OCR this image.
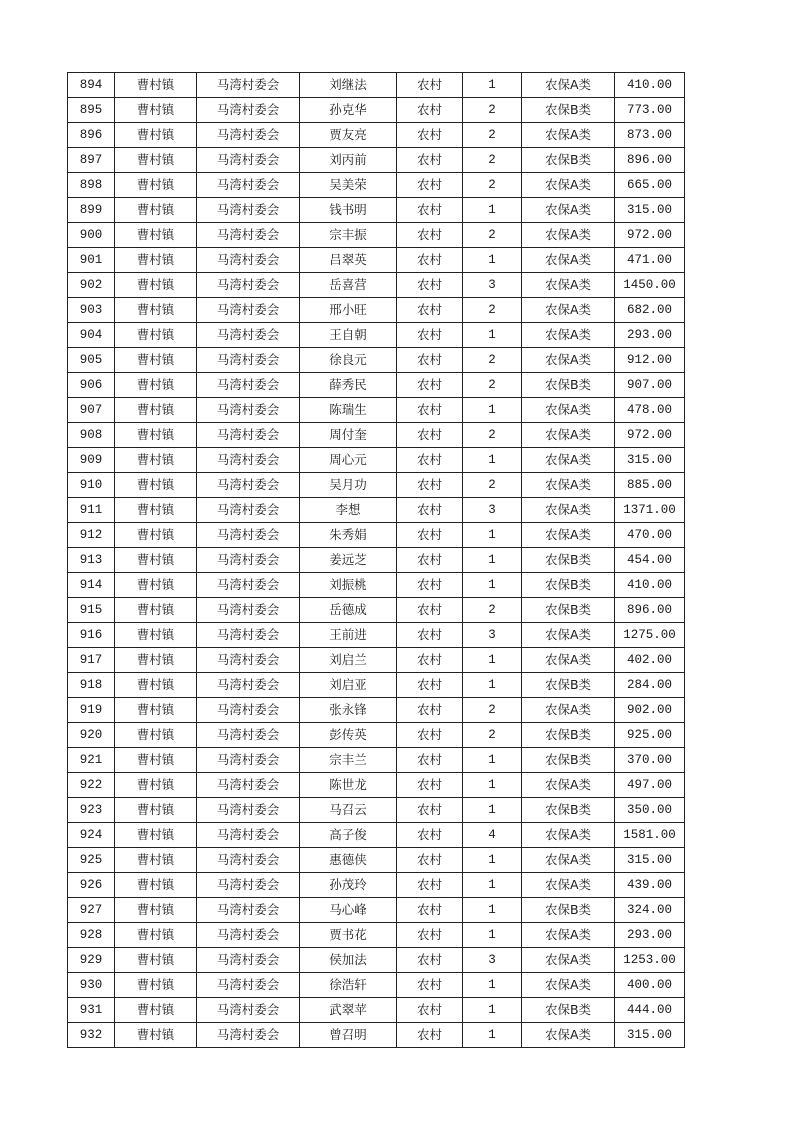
894	曹村镇	马湾村委会	刘继法	农村	1	农保A类	410.00
895	曹村镇	马湾村委会	孙克华	农村	2	农保B类	773.00
896	曹村镇	马湾村委会	贾友亮	农村	2	农保A类	873.00
897	曹村镇	马湾村委会	刘丙前	农村	2	农保B类	896.00
898	曹村镇	马湾村委会	吴美荣	农村	2	农保A类	665.00
899	曹村镇	马湾村委会	钱书明	农村	1	农保A类	315.00
900	曹村镇	马湾村委会	宗丰振	农村	2	农保A类	972.00
901	曹村镇	马湾村委会	吕翠英	农村	1	农保A类	471.00
902	曹村镇	马湾村委会	岳喜营	农村	3	农保A类	1450.00
903	曹村镇	马湾村委会	邢小旺	农村	2	农保A类	682.00
904	曹村镇	马湾村委会	王自朝	农村	1	农保A类	293.00
905	曹村镇	马湾村委会	徐良元	农村	2	农保A类	912.00
906	曹村镇	马湾村委会	薛秀民	农村	2	农保B类	907.00
907	曹村镇	马湾村委会	陈瑞生	农村	1	农保A类	478.00
908	曹村镇	马湾村委会	周付奎	农村	2	农保A类	972.00
909	曹村镇	马湾村委会	周心元	农村	1	农保A类	315.00
910	曹村镇	马湾村委会	吴月功	农村	2	农保A类	885.00
911	曹村镇	马湾村委会	李想	农村	3	农保A类	1371.00
912	曹村镇	马湾村委会	朱秀娟	农村	1	农保A类	470.00
913	曹村镇	马湾村委会	姜远芝	农村	1	农保B类	454.00
914	曹村镇	马湾村委会	刘振桃	农村	1	农保B类	410.00
915	曹村镇	马湾村委会	岳德成	农村	2	农保B类	896.00
916	曹村镇	马湾村委会	王前进	农村	3	农保A类	1275.00
917	曹村镇	马湾村委会	刘启兰	农村	1	农保A类	402.00
918	曹村镇	马湾村委会	刘启亚	农村	1	农保B类	284.00
919	曹村镇	马湾村委会	张永锋	农村	2	农保A类	902.00
920	曹村镇	马湾村委会	彭传英	农村	2	农保B类	925.00
921	曹村镇	马湾村委会	宗丰兰	农村	1	农保B类	370.00
922	曹村镇	马湾村委会	陈世龙	农村	1	农保A类	497.00
923	曹村镇	马湾村委会	马召云	农村	1	农保B类	350.00
924	曹村镇	马湾村委会	高子俊	农村	4	农保A类	1581.00
925	曹村镇	马湾村委会	惠德侠	农村	1	农保A类	315.00
926	曹村镇	马湾村委会	孙茂玲	农村	1	农保A类	439.00
927	曹村镇	马湾村委会	马心峰	农村	1	农保B类	324.00
928	曹村镇	马湾村委会	贾书花	农村	1	农保A类	293.00
929	曹村镇	马湾村委会	侯加法	农村	3	农保A类	1253.00
930	曹村镇	马湾村委会	徐浩轩	农村	1	农保A类	400.00
931	曹村镇	马湾村委会	武翠苹	农村	1	农保B类	444.00
932	曹村镇	马湾村委会	曾召明	农村	1	农保A类	315.00
